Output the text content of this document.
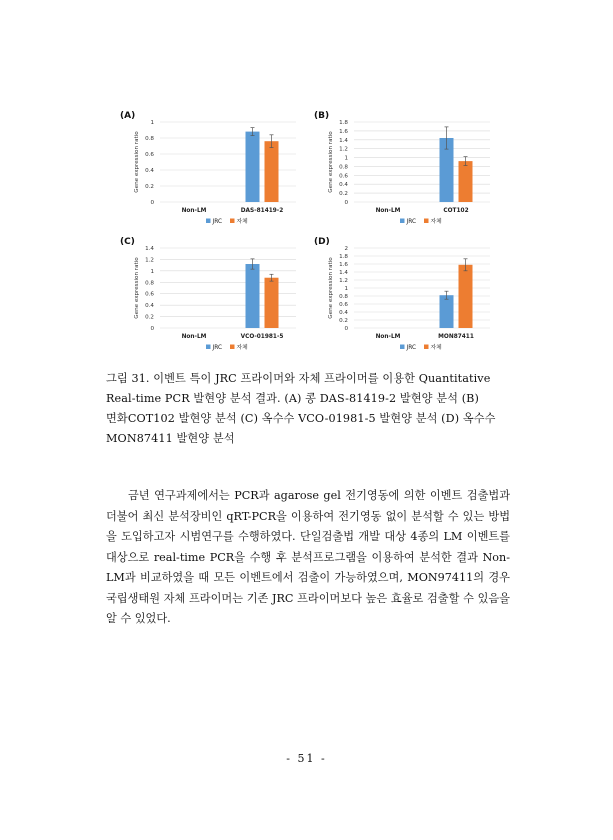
(A)
0
0.2
0.4
0.6
0.8
1
Gene expression ratio
Non-LM	DAS-81419-2
JRC	자체
(B)
0
0.2
0.4
0.6
0.8
1
1.2
1.4
1.6
1.8
Gene expression ratio
Non-LM	COT102
JRC	자체
(C)
0
0.2
0.4
0.6
0.8
1
1.2
1.4
Gene expression ratio
Non-LM	VCO-01981-5
JRC	자체
(D)
0
0.2
0.4
0.6
0.8
1
1.2
1.4
1.6
1.8
2
Gene expression ratio
Non-LM	MON87411
JRC	자체

그림 31. 이벤트 특이 JRC 프라이머와 자체 프라이머를 이용한 Quantitative

Real-time PCR 발현양 분석 결과. (A) 콩 DAS-81419-2 발현양 분석 (B)

면화COT102 발현양 분석 (C) 옥수수 VCO-01981-5 발현양 분석 (D) 옥수수

MON87411 발현양 분석

금년 연구과제에서는 PCR과 agarose gel 전기영동에 의한 이벤트 검출법과 더불어 최신 분석장비인 qRT-PCR을 이용하여 전기영동 없이 분석할 수 있는 방법을 도입하고자 시범연구를 수행하였다. 단일검출법 개발 대상 4종의 LM 이벤트를 대상으로 real-time PCR을 수행 후 분석프로그램을 이용하여 분석한 결과 Non-LM과 비교하였을 때 모든 이벤트에서 검출이 가능하였으며, MON97411의 경우 국립생태원 자체 프라이머는 기존 JRC 프라이머보다 높은 효율로 검출할 수 있음을 알 수 있었다.

- 51 -
